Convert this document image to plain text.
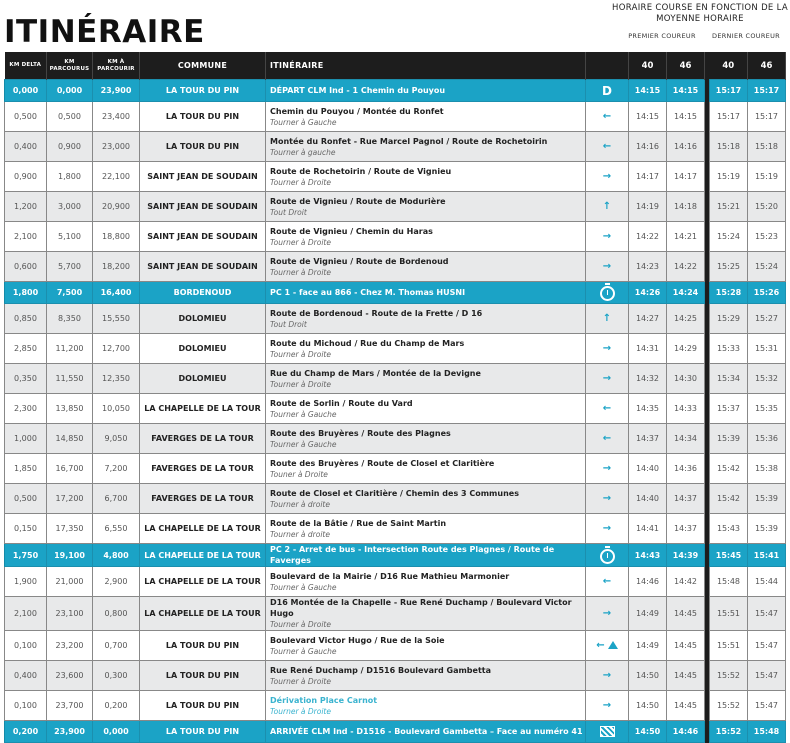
ITINÉRAIRE
HORAIRE COURSE EN FONCTION DE LA MOYENNE HORAIRE
PREMIER COUREUR	DERNIER COUREUR
KM DELTA	KM PARCOURUS	KM À PARCOURIR	COMMUNE	ITINÉRAIRE		40	46		40	46
0,000	0,000	23,900	LA TOUR DU PIN	DÉPART CLM Ind - 1 Chemin du Pouyou	D	14:15	14:15		15:17	15:17
0,500	0,500	23,400	LA TOUR DU PIN	Chemin du Pouyou / Montée du Ronfet
Tourner à Gauche	←	14:15	14:15		15:17	15:17
0,400	0,900	23,000	LA TOUR DU PIN	Montée du Ronfet - Rue Marcel Pagnol / Route de Rochetoirin
Tourner à gauche	←	14:16	14:16		15:18	15:18
0,900	1,800	22,100	SAINT JEAN DE SOUDAIN	Route de Rochetoirin / Route de Vignieu
Tourner à Droite	→	14:17	14:17		15:19	15:19
1,200	3,000	20,900	SAINT JEAN DE SOUDAIN	Route de Vignieu / Route de Modurière
Tout Droit	↑	14:19	14:18		15:21	15:20
2,100	5,100	18,800	SAINT JEAN DE SOUDAIN	Route de Vignieu / Chemin du Haras
Tourner à Droite	→	14:22	14:21		15:24	15:23
0,600	5,700	18,200	SAINT JEAN DE SOUDAIN	Route de Vignieu / Route de Bordenoud
Tourner à Droite	→	14:23	14:22		15:25	15:24
1,800	7,500	16,400	BORDENOUD	PC 1 - face au 866 - Chez M. Thomas HUSNI		14:26	14:24		15:28	15:26
0,850	8,350	15,550	DOLOMIEU	Route de Bordenoud - Route de la Frette / D 16
Tout Droit	↑	14:27	14:25		15:29	15:27
2,850	11,200	12,700	DOLOMIEU	Route du Michoud / Rue du Champ de Mars
Tourner à Droite	→	14:31	14:29		15:33	15:31
0,350	11,550	12,350	DOLOMIEU	Rue du Champ de Mars / Montée de la Devigne
Tourner à Droite	→	14:32	14:30		15:34	15:32
2,300	13,850	10,050	LA CHAPELLE DE LA TOUR	Route de Sorlin / Route du Vard
Tourner à Gauche	←	14:35	14:33		15:37	15:35
1,000	14,850	9,050	FAVERGES DE LA TOUR	Route des Bruyères / Route des Plagnes
Tourner à Gauche	←	14:37	14:34		15:39	15:36
1,850	16,700	7,200	FAVERGES DE LA TOUR	Route des Bruyères / Route de Closel et Claritière
Touner à Droite	→	14:40	14:36		15:42	15:38
0,500	17,200	6,700	FAVERGES DE LA TOUR	Route de Closel et Claritière / Chemin des 3 Communes
Tourner à droite	→	14:40	14:37		15:42	15:39
0,150	17,350	6,550	LA CHAPELLE DE LA TOUR	Route de la Bâtie / Rue de Saint Martin
Tourner à droite	→	14:41	14:37		15:43	15:39
1,750	19,100	4,800	LA CHAPELLE DE LA TOUR	PC 2 - Arret de bus - Intersection Route des Plagnes / Route de Faverges		14:43	14:39		15:45	15:41
1,900	21,000	2,900	LA CHAPELLE DE LA TOUR	Boulevard de la Mairie / D16 Rue Mathieu Marmonier
Tourner à Gauche	←	14:46	14:42		15:48	15:44
2,100	23,100	0,800	LA CHAPELLE DE LA TOUR	D16 Montée de la Chapelle - Rue René Duchamp / Boulevard Victor Hugo
Tourner à Droite	→	14:49	14:45		15:51	15:47
0,100	23,200	0,700	LA TOUR DU PIN	Boulevard Victor Hugo / Rue de la Soie
Tourner à Gauche	←	14:49	14:45		15:51	15:47
0,400	23,600	0,300	LA TOUR DU PIN	Rue René Duchamp / D1516 Boulevard Gambetta
Tourner à Droite	→	14:50	14:45		15:52	15:47
0,100	23,700	0,200	LA TOUR DU PIN	Dérivation Place Carnot
Tourner à Droite	→	14:50	14:45		15:52	15:47
0,200	23,900	0,000	LA TOUR DU PIN	ARRIVÉE CLM Ind - D1516 - Boulevard Gambetta – Face au numéro 41		14:50	14:46		15:52	15:48
